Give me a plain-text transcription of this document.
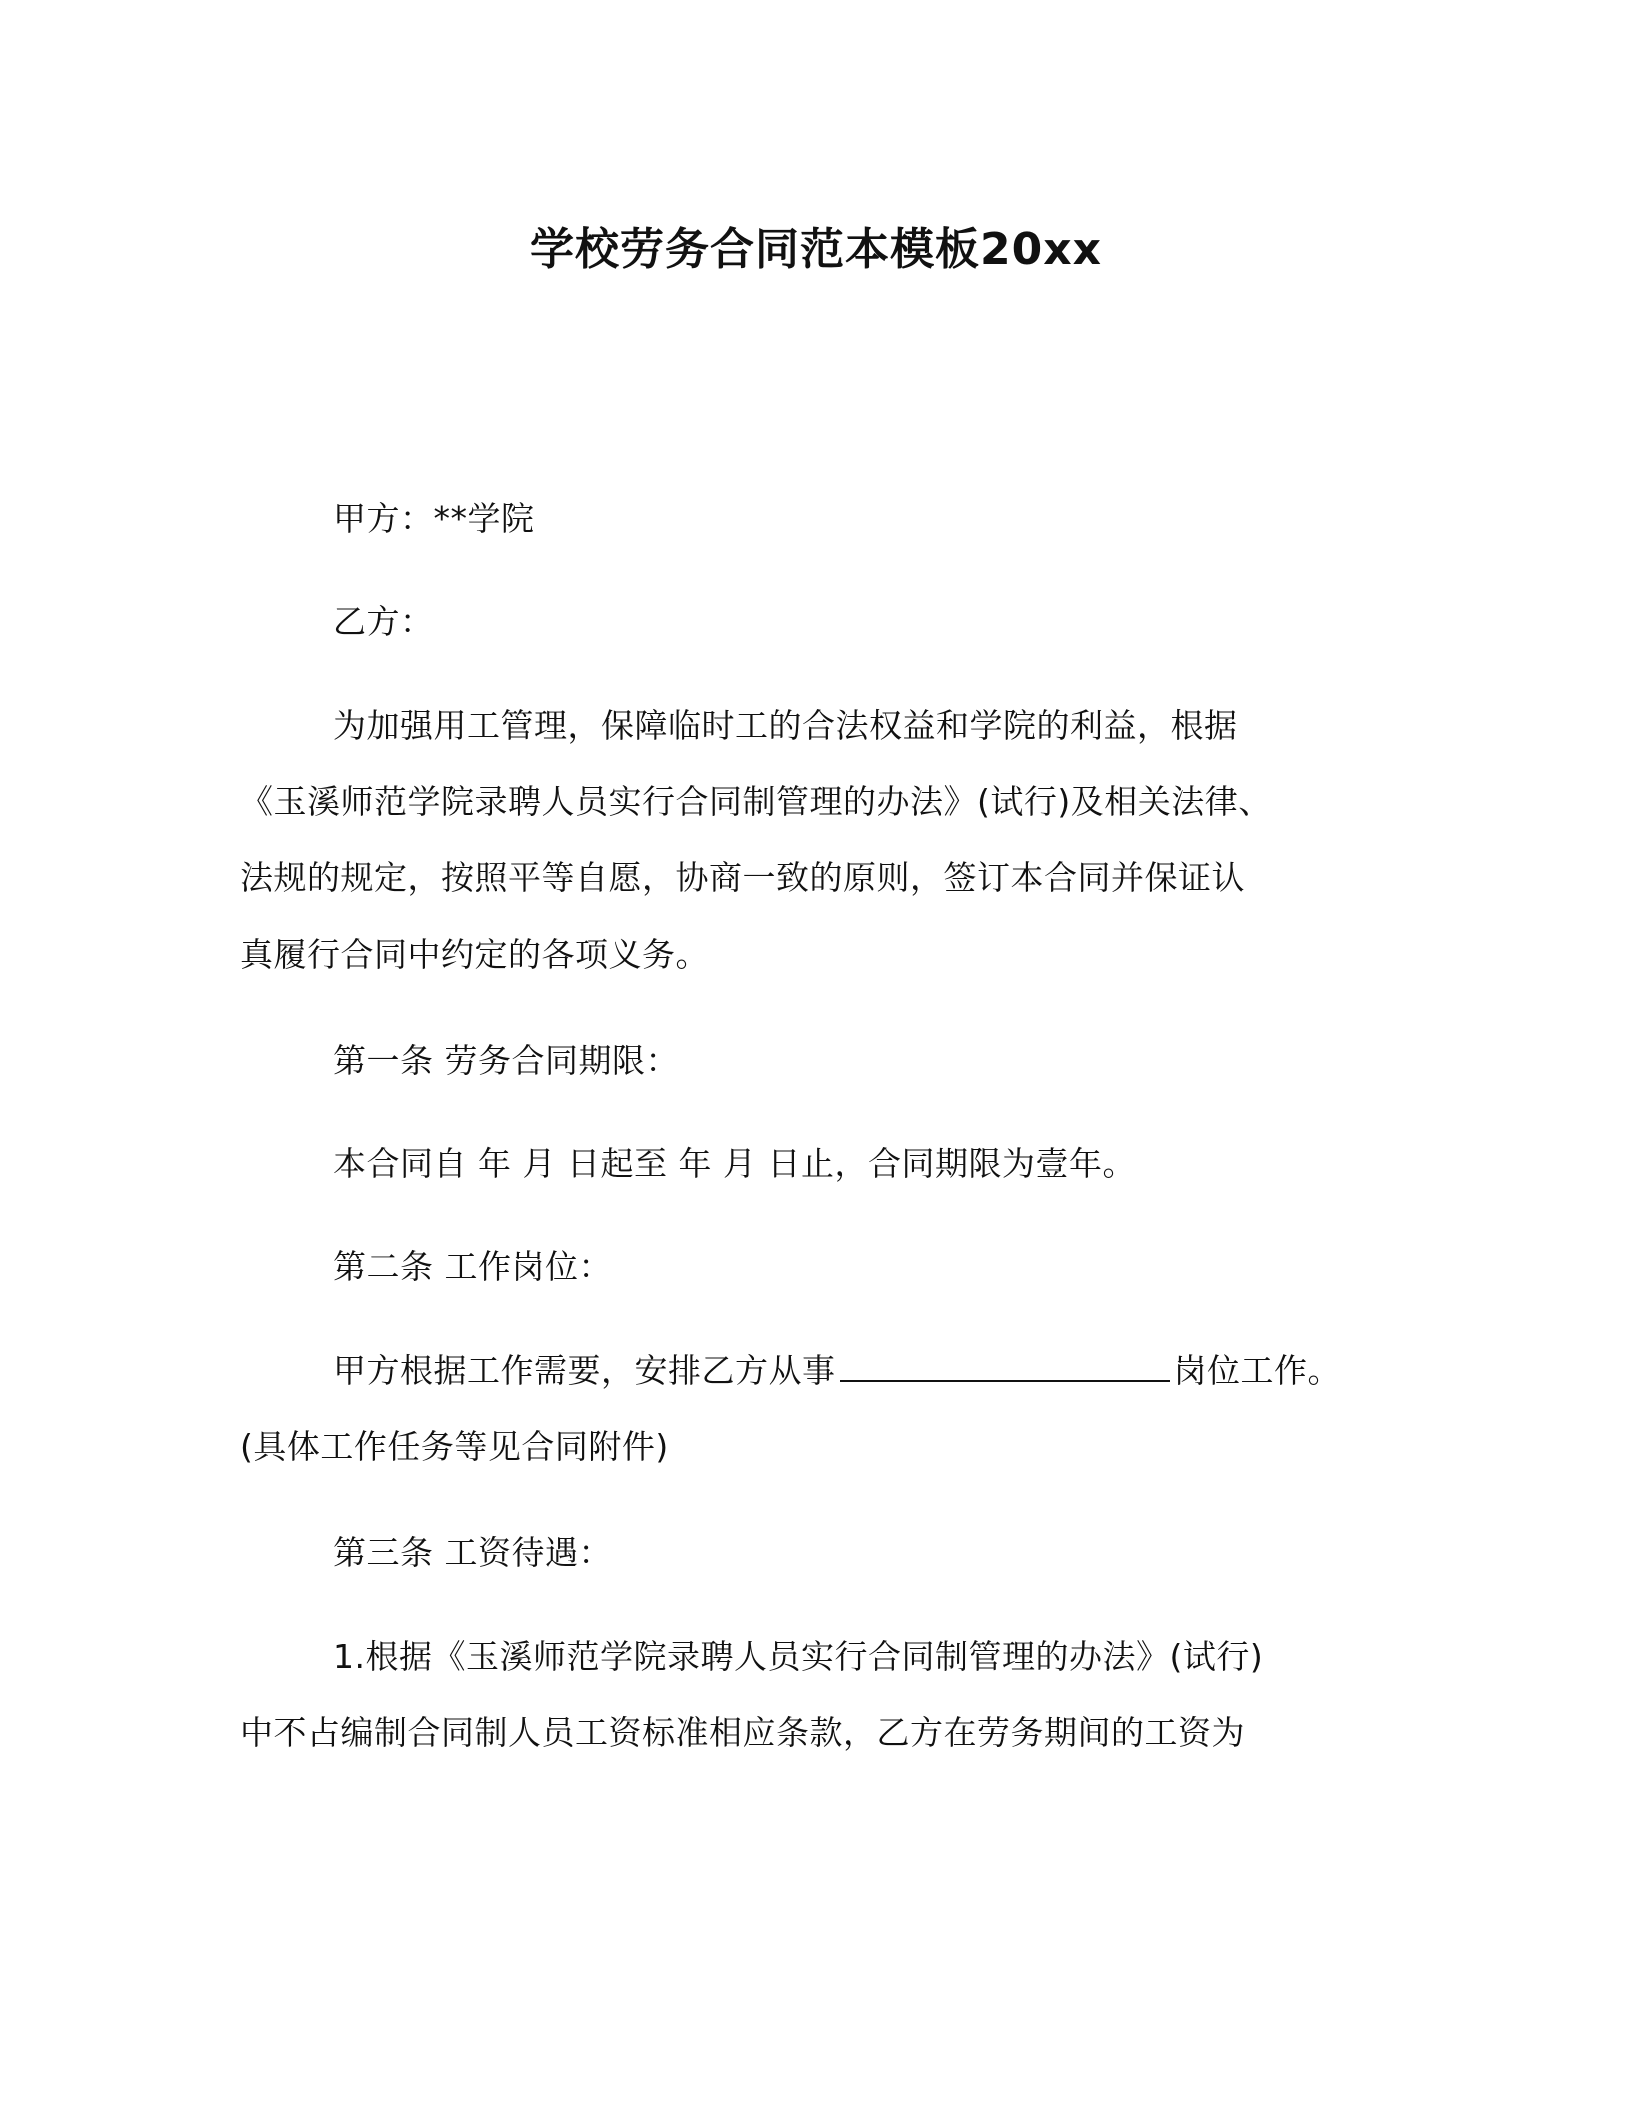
学校劳务合同范本模板20xx
甲方：**学院
乙方：
为加强用工管理，保障临时工的合法权益和学院的利益，根据
《玉溪师范学院录聘人员实行合同制管理的办法》(试行)及相关法律、
法规的规定，按照平等自愿，协商一致的原则，签订本合同并保证认
真履行合同中约定的各项义务。
第一条 劳务合同期限：
本合同自 年 月 日起至 年 月 日止，合同期限为壹年。
第二条 工作岗位：
甲方根据工作需要，安排乙方从事	岗位工作。
(具体工作任务等见合同附件)
第三条 工资待遇：
1.根据《玉溪师范学院录聘人员实行合同制管理的办法》(试行)
中不占编制合同制人员工资标准相应条款，乙方在劳务期间的工资为
